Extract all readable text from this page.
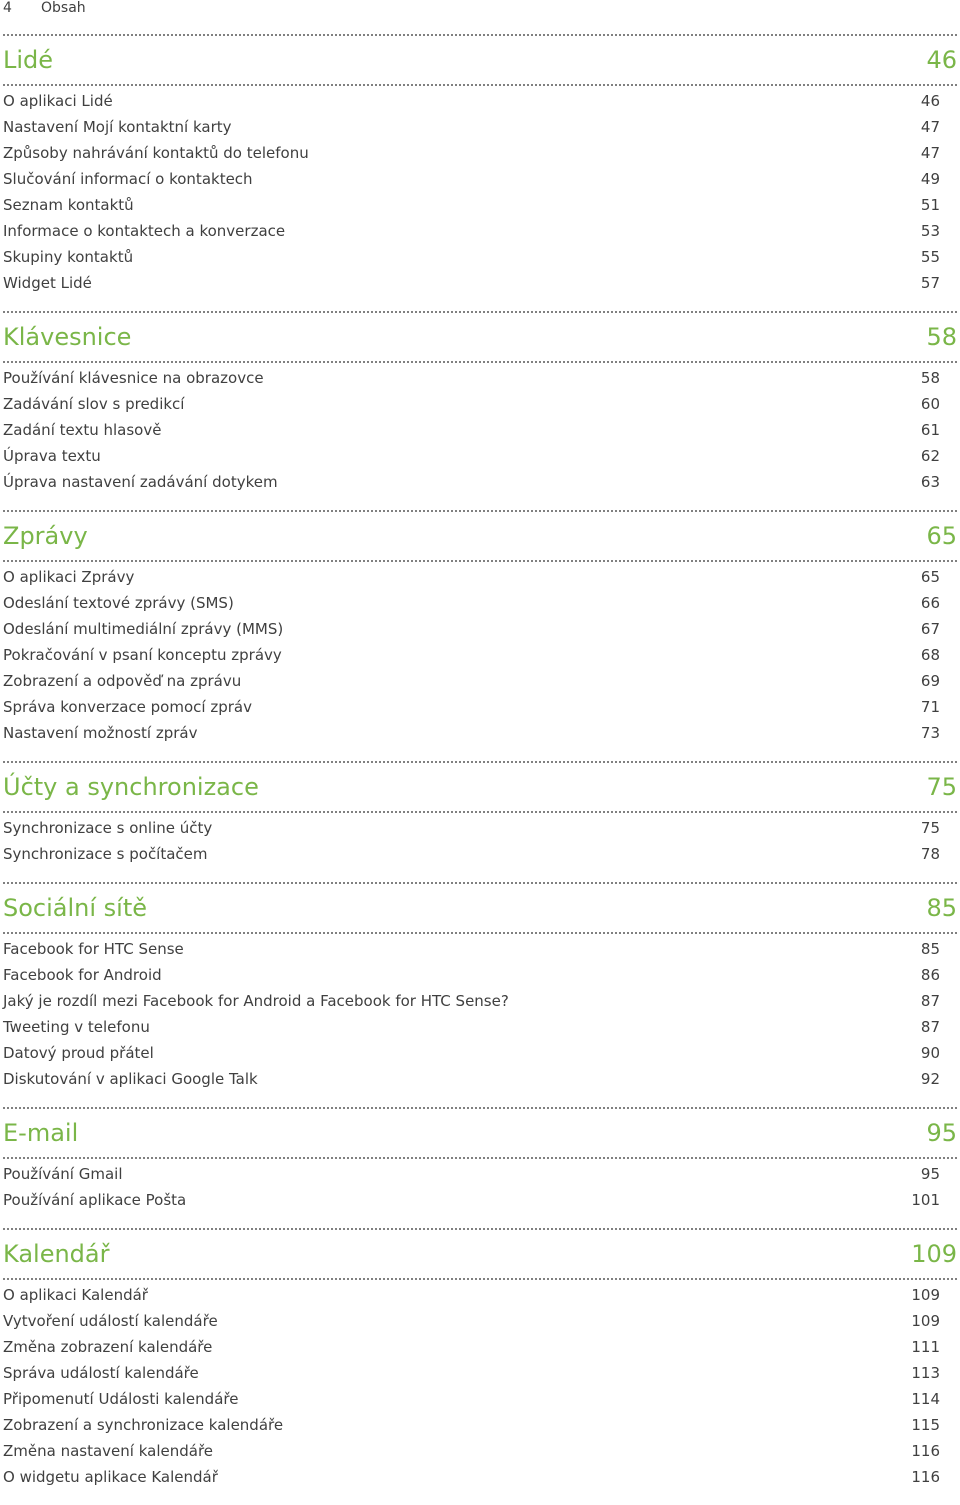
4 Obsah
Lidé	46
O aplikaci Lidé	46
Nastavení Mojí kontaktní karty	47
Způsoby nahrávání kontaktů do telefonu	47
Slučování informací o kontaktech	49
Seznam kontaktů	51
Informace o kontaktech a konverzace	53
Skupiny kontaktů	55
Widget Lidé	57
Klávesnice	58
Používání klávesnice na obrazovce	58
Zadávání slov s predikcí	60
Zadání textu hlasově	61
Úprava textu	62
Úprava nastavení zadávání dotykem	63
Zprávy	65
O aplikaci Zprávy	65
Odeslání textové zprávy (SMS)	66
Odeslání multimediální zprávy (MMS)	67
Pokračování v psaní konceptu zprávy	68
Zobrazení a odpověď na zprávu	69
Správa konverzace pomocí zpráv	71
Nastavení možností zpráv	73
Účty a synchronizace	75
Synchronizace s online účty	75
Synchronizace s počítačem	78
Sociální sítě	85
Facebook for HTC Sense	85
Facebook for Android	86
Jaký je rozdíl mezi Facebook for Android a Facebook for HTC Sense?	87
Tweeting v telefonu	87
Datový proud přátel	90
Diskutování v aplikaci Google Talk	92
E-mail	95
Používání Gmail	95
Používání aplikace Pošta	101
Kalendář	109
O aplikaci Kalendář	109
Vytvoření událostí kalendáře	109
Změna zobrazení kalendáře	111
Správa událostí kalendáře	113
Připomenutí Události kalendáře	114
Zobrazení a synchronizace kalendáře	115
Změna nastavení kalendáře	116
O widgetu aplikace Kalendář	116
